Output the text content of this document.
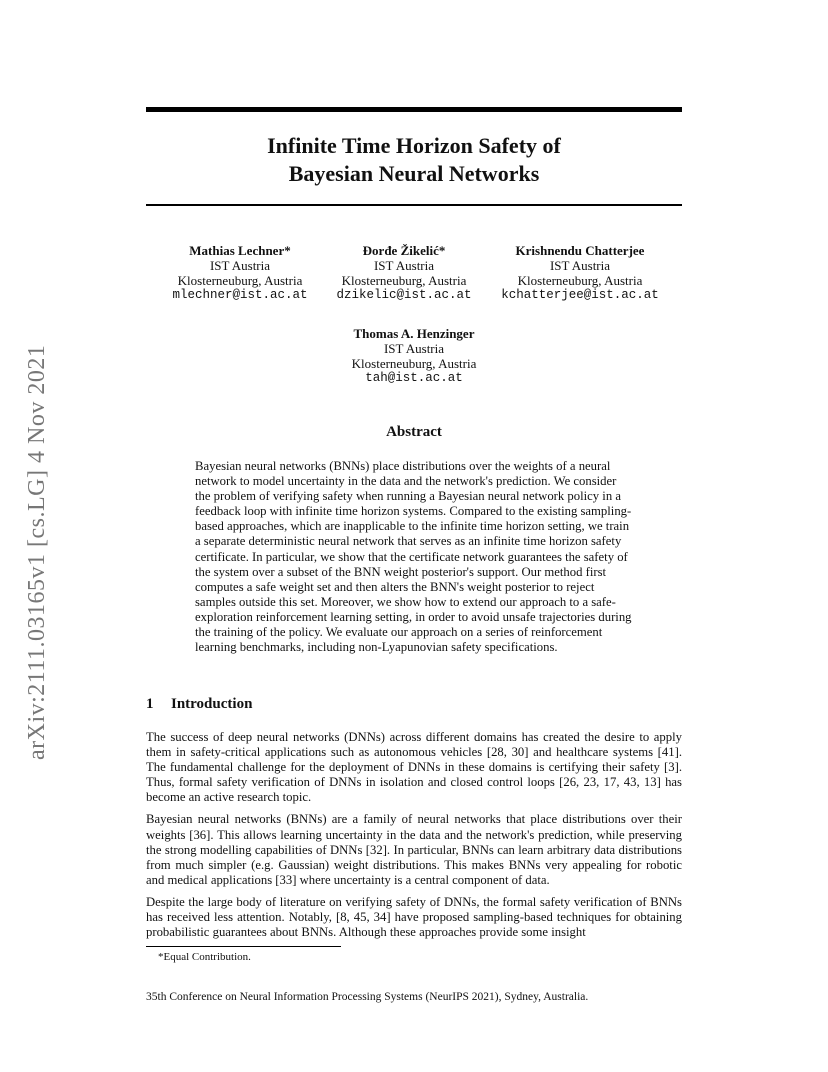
arXiv:2111.03165v1 [cs.LG] 4 Nov 2021
Infinite Time Horizon Safety of
Bayesian Neural Networks
Mathias Lechner*
IST Austria
Klosterneuburg, Austria
mlechner@ist.ac.at
Đorđe Žikelić*
IST Austria
Klosterneuburg, Austria
dzikelic@ist.ac.at
Krishnendu Chatterjee
IST Austria
Klosterneuburg, Austria
kchatterjee@ist.ac.at
Thomas A. Henzinger
IST Austria
Klosterneuburg, Austria
tah@ist.ac.at
Abstract

Bayesian neural networks (BNNs) place distributions over the weights of a neural network to model uncertainty in the data and the network's prediction. We consider the problem of verifying safety when running a Bayesian neural network policy in a feedback loop with infinite time horizon systems. Compared to the existing sampling-based approaches, which are inapplicable to the infinite time horizon setting, we train a separate deterministic neural network that serves as an infinite time horizon safety certificate. In particular, we show that the certificate network guarantees the safety of the system over a subset of the BNN weight posterior's support. Our method first computes a safe weight set and then alters the BNN's weight posterior to reject samples outside this set. Moreover, we show how to extend our approach to a safe-exploration reinforcement learning setting, in order to avoid unsafe trajectories during the training of the policy. We evaluate our approach on a series of reinforcement learning benchmarks, including non-Lyapunovian safety specifications.

1 Introduction

The success of deep neural networks (DNNs) across different domains has created the desire to apply them in safety-critical applications such as autonomous vehicles [28, 30] and healthcare systems [41]. The fundamental challenge for the deployment of DNNs in these domains is certifying their safety [3]. Thus, formal safety verification of DNNs in isolation and closed control loops [26, 23, 17, 43, 13] has become an active research topic.

Bayesian neural networks (BNNs) are a family of neural networks that place distributions over their weights [36]. This allows learning uncertainty in the data and the network's prediction, while preserving the strong modelling capabilities of DNNs [32]. In particular, BNNs can learn arbitrary data distributions from much simpler (e.g. Gaussian) weight distributions. This makes BNNs very appealing for robotic and medical applications [33] where uncertainty is a central component of data.

Despite the large body of literature on verifying safety of DNNs, the formal safety verification of BNNs has received less attention. Notably, [8, 45, 34] have proposed sampling-based techniques for obtaining probabilistic guarantees about BNNs. Although these approaches provide some insight

*Equal Contribution.
35th Conference on Neural Information Processing Systems (NeurIPS 2021), Sydney, Australia.
